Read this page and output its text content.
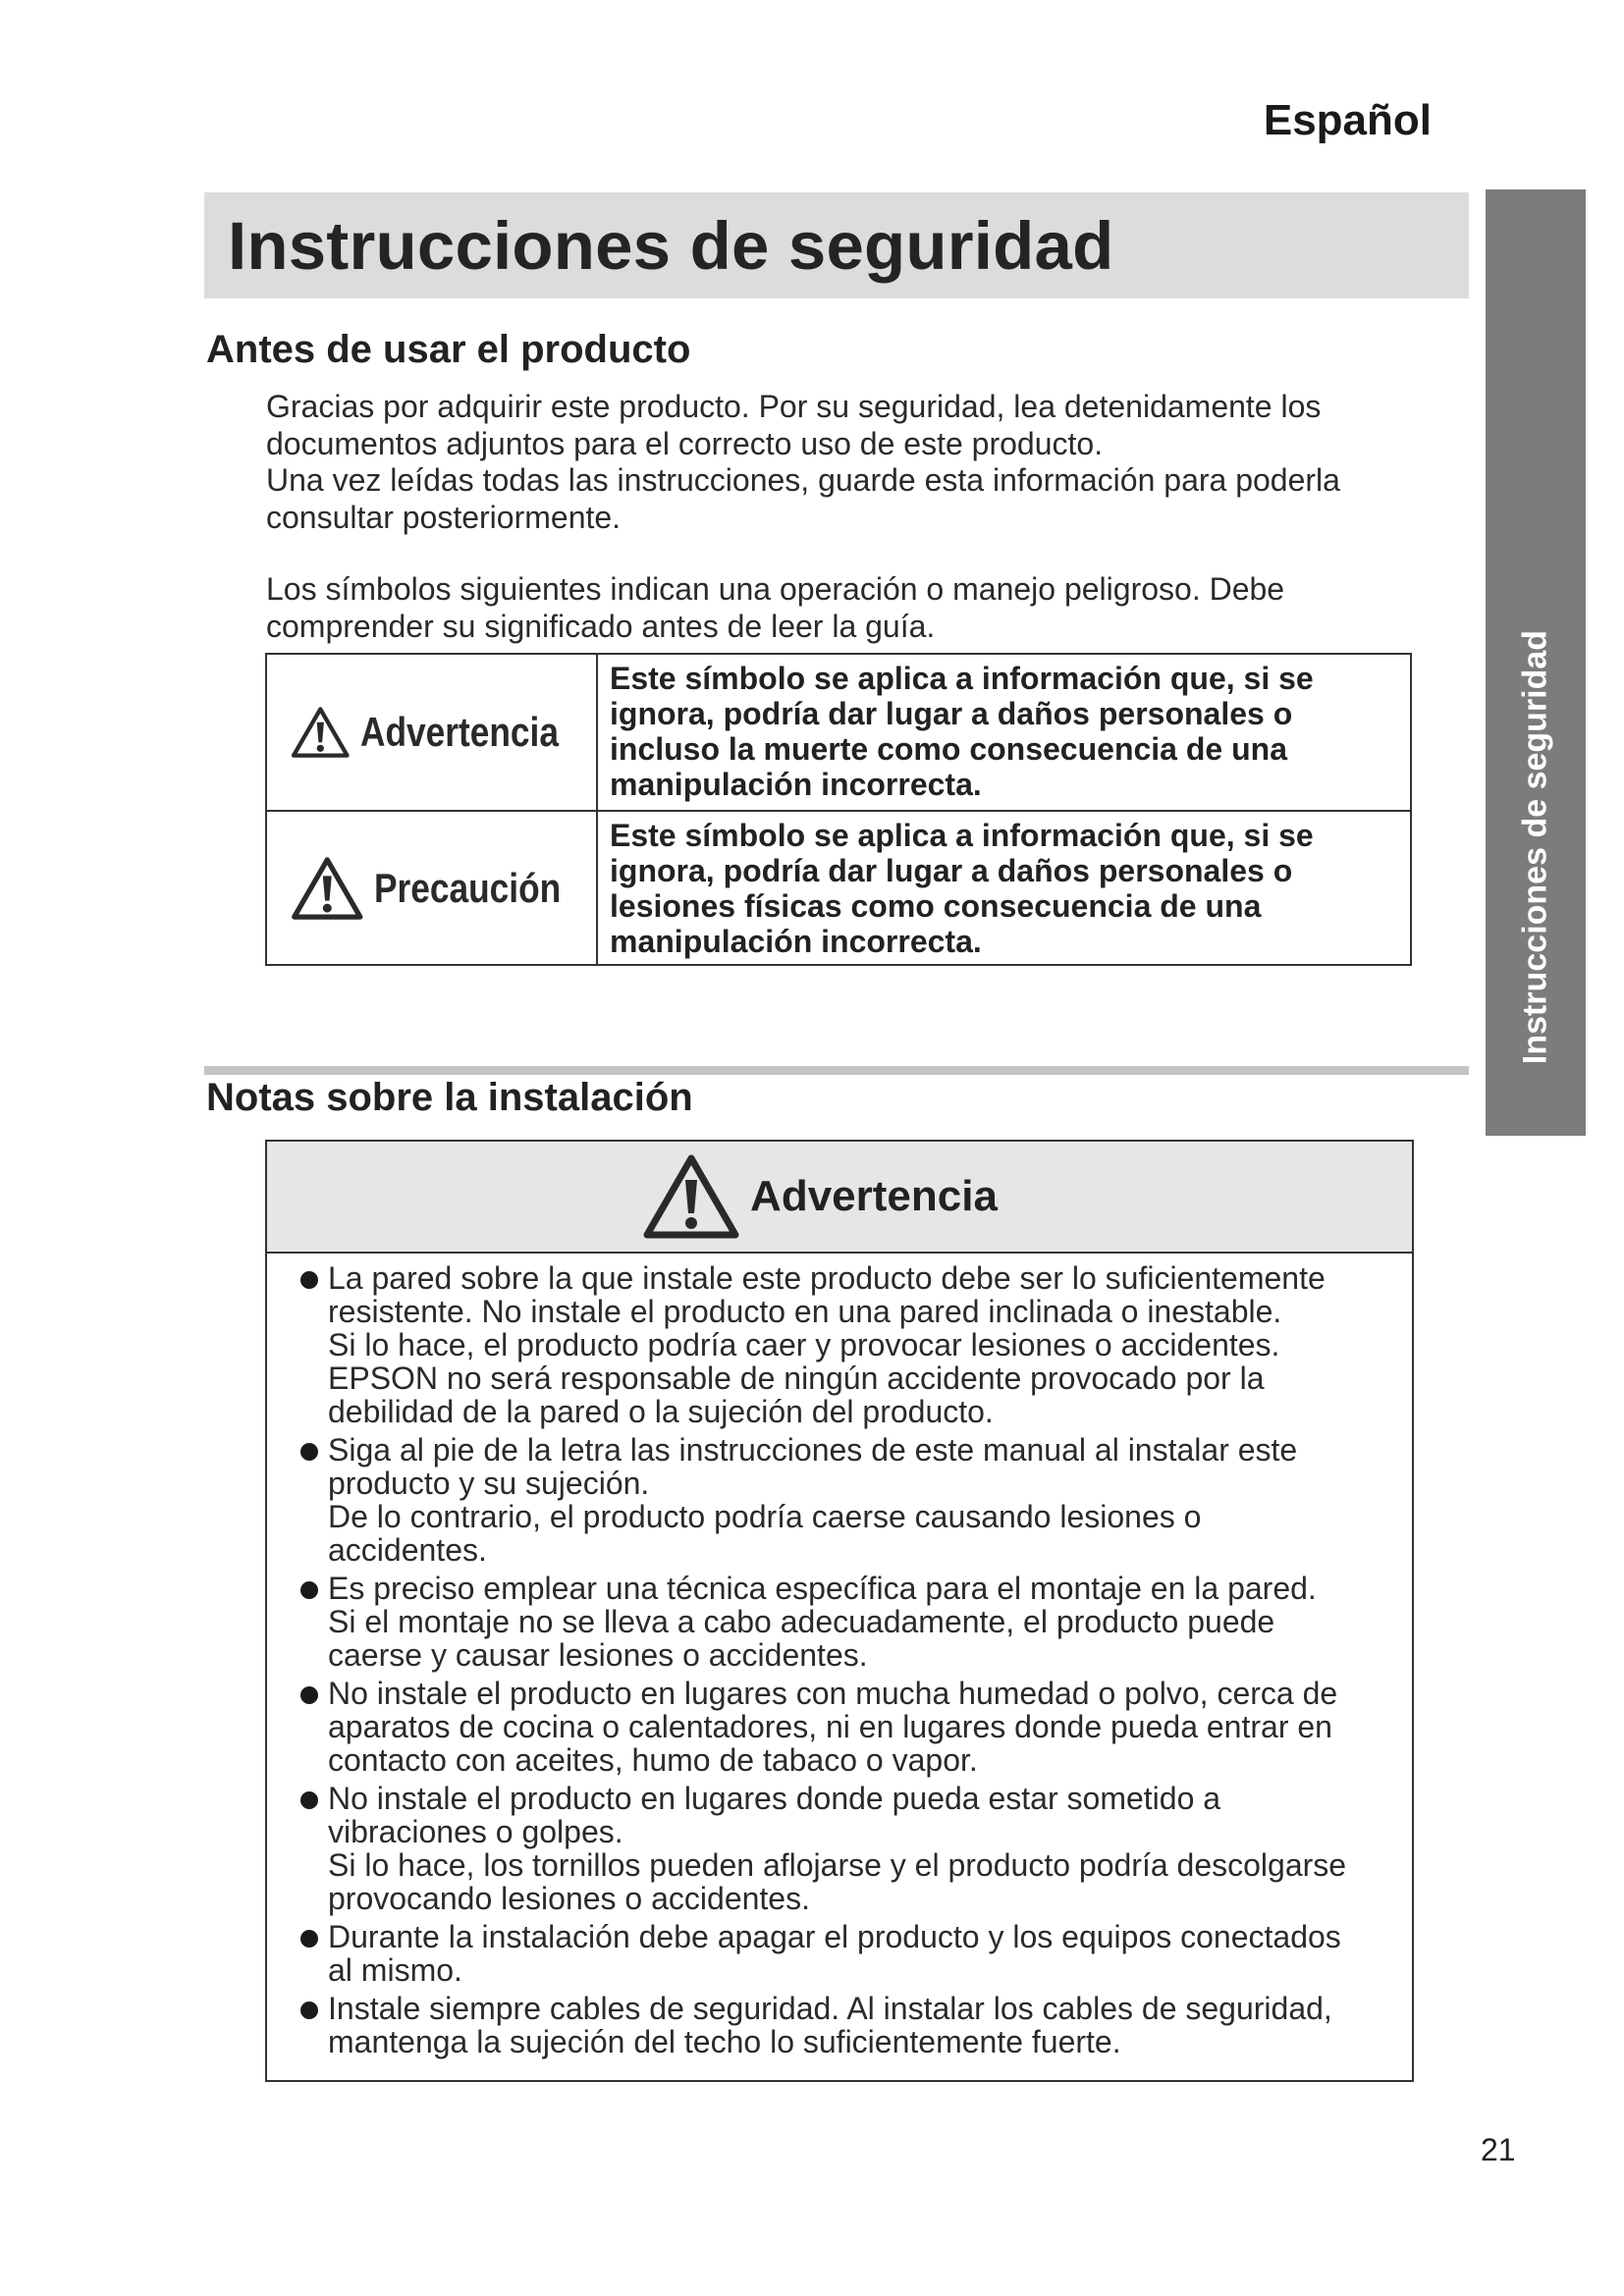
Español
Instrucciones de seguridad
Instrucciones de seguridad
Antes de usar el producto
Gracias por adquirir este producto. Por su seguridad, lea detenidamente los
documentos adjuntos para el correcto uso de este producto.
Una vez leídas todas las instrucciones, guarde esta información para poderla
consultar posteriormente.
Los símbolos siguientes indican una operación o manejo peligroso. Debe
comprender su significado antes de leer la guía.
Advertencia
Este símbolo se aplica a información que, si se
ignora, podría dar lugar a daños personales o
incluso la muerte como consecuencia de una
manipulación incorrecta.
Precaución
Este símbolo se aplica a información que, si se
ignora, podría dar lugar a daños personales o
lesiones físicas como consecuencia de una
manipulación incorrecta.
Notas sobre la instalación
Advertencia
La pared sobre la que instale este producto debe ser lo suficientemente
resistente. No instale el producto en una pared inclinada o inestable.
Si lo hace, el producto podría caer y provocar lesiones o accidentes.
EPSON no será responsable de ningún accidente provocado por la
debilidad de la pared o la sujeción del producto.
Siga al pie de la letra las instrucciones de este manual al instalar este
producto y su sujeción.
De lo contrario, el producto podría caerse causando lesiones o
accidentes.
Es preciso emplear una técnica específica para el montaje en la pared.
Si el montaje no se lleva a cabo adecuadamente, el producto puede
caerse y causar lesiones o accidentes.
No instale el producto en lugares con mucha humedad o polvo, cerca de
aparatos de cocina o calentadores, ni en lugares donde pueda entrar en
contacto con aceites, humo de tabaco o vapor.
No instale el producto en lugares donde pueda estar sometido a
vibraciones o golpes.
Si lo hace, los tornillos pueden aflojarse y el producto podría descolgarse
provocando lesiones o accidentes.
Durante la instalación debe apagar el producto y los equipos conectados
al mismo.
Instale siempre cables de seguridad. Al instalar los cables de seguridad,
mantenga la sujeción del techo lo suficientemente fuerte.
21
